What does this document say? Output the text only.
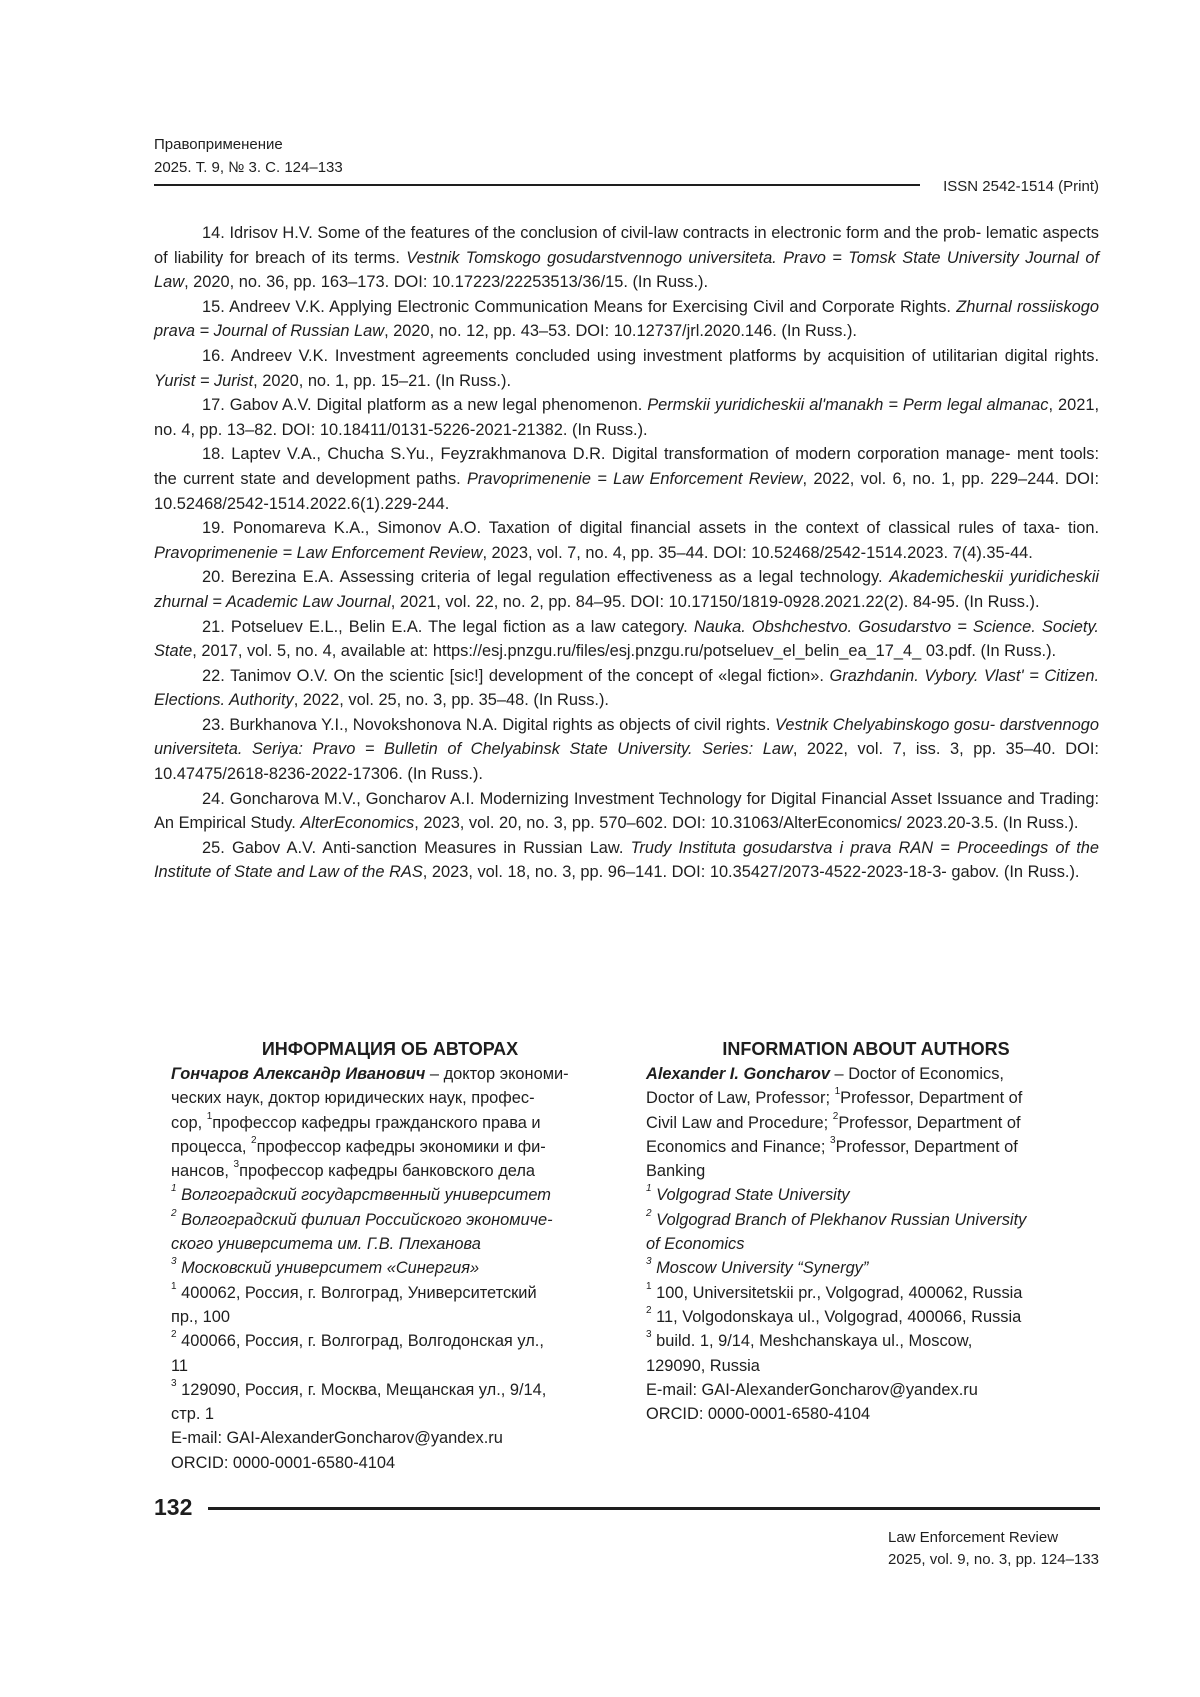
Правоприменение
2025. Т. 9, № 3. С. 124–133
ISSN 2542-1514 (Print)

14. Idrisov H.V. Some of the features of the conclusion of civil-law contracts in electronic form and the prob- lematic aspects of liability for breach of its terms. Vestnik Tomskogo gosudarstvennogo universiteta. Pravo = Tomsk State University Journal of Law, 2020, no. 36, pp. 163–173. DOI: 10.17223/22253513/36/15. (In Russ.).

15. Andreev V.K. Applying Electronic Communication Means for Exercising Civil and Corporate Rights. Zhurnal rossiiskogo prava = Journal of Russian Law, 2020, no. 12, pp. 43–53. DOI: 10.12737/jrl.2020.146. (In Russ.).

16. Andreev V.K. Investment agreements concluded using investment platforms by acquisition of utilitarian digital rights. Yurist = Jurist, 2020, no. 1, pp. 15–21. (In Russ.).

17. Gabov A.V. Digital platform as a new legal phenomenon. Permskii yuridicheskii al'manakh = Perm legal almanac, 2021, no. 4, pp. 13–82. DOI: 10.18411/0131-5226-2021-21382. (In Russ.).

18. Laptev V.A., Chucha S.Yu., Feyzrakhmanova D.R. Digital transformation of modern corporation manage- ment tools: the current state and development paths. Pravoprimenenie = Law Enforcement Review, 2022, vol. 6, no. 1, pp. 229–244. DOI: 10.52468/2542-1514.2022.6(1).229-244.

19. Ponomareva K.A., Simonov A.O. Taxation of digital financial assets in the context of classical rules of taxa- tion. Pravoprimenenie = Law Enforcement Review, 2023, vol. 7, no. 4, pp. 35–44. DOI: 10.52468/2542-1514.2023. 7(4).35-44.

20. Berezina E.A. Assessing criteria of legal regulation effectiveness as a legal technology. Akademicheskii yuridicheskii zhurnal = Academic Law Journal, 2021, vol. 22, no. 2, pp. 84–95. DOI: 10.17150/1819-0928.2021.22(2). 84-95. (In Russ.).

21. Potseluev E.L., Belin E.A. The legal fiction as a law category. Nauka. Obshchestvo. Gosudarstvo = Science. Society. State, 2017, vol. 5, no. 4, available at: https://esj.pnzgu.ru/files/esj.pnzgu.ru/potseluev_el_belin_ea_17_4_ 03.pdf. (In Russ.).

22. Tanimov O.V. On the scientic [sic!] development of the concept of «legal fiction». Grazhdanin. Vybory. Vlast' = Citizen. Elections. Authority, 2022, vol. 25, no. 3, pp. 35–48. (In Russ.).

23. Burkhanova Y.I., Novokshonova N.A. Digital rights as objects of civil rights. Vestnik Chelyabinskogo gosu- darstvennogo universiteta. Seriya: Pravo = Bulletin of Chelyabinsk State University. Series: Law, 2022, vol. 7, iss. 3, pp. 35–40. DOI: 10.47475/2618-8236-2022-17306. (In Russ.).

24. Goncharova M.V., Goncharov A.I. Modernizing Investment Technology for Digital Financial Asset Issuance and Trading: An Empirical Study. AlterEconomics, 2023, vol. 20, no. 3, pp. 570–602. DOI: 10.31063/AlterEconomics/ 2023.20-3.5. (In Russ.).

25. Gabov A.V. Anti-sanction Measures in Russian Law. Trudy Instituta gosudarstva i prava RAN = Proceedings of the Institute of State and Law of the RAS, 2023, vol. 18, no. 3, pp. 96–141. DOI: 10.35427/2073-4522-2023-18-3- gabov. (In Russ.).

ИНФОРМАЦИЯ ОБ АВТОРАХ
Гончаров Александр Иванович – доктор экономи-
ческих наук, доктор юридических наук, профес-
сор, $^1$профессор кафедры гражданского права и
процесса, $^2$профессор кафедры экономики и фи-
нансов, $^3$профессор кафедры банковского дела
$^1$ Волгоградский государственный университет
$^2$ Волгоградский филиал Российского экономиче-
ского университета им. Г.В. Плеханова
$^3$ Московский университет «Синергия»
$^1$ 400062, Россия, г. Волгоград, Университетский
пр., 100
$^2$ 400066, Россия, г. Волгоград, Волгодонская ул.,
11
$^3$ 129090, Россия, г. Москва, Мещанская ул., 9/14,
стр. 1
E-mail: GAI-AlexanderGoncharov@yandex.ru
ORCID: 0000-0001-6580-4104
INFORMATION ABOUT AUTHORS
Alexander I. Goncharov – Doctor of Economics,
Doctor of Law, Professor; $^1$Professor, Department of
Civil Law and Procedure; $^2$Professor, Department of
Economics and Finance; $^3$Professor, Department of
Banking
$^1$ Volgograd State University
$^2$ Volgograd Branch of Plekhanov Russian University
of Economics
$^3$ Moscow University “Synergy”
$^1$ 100, Universitetskii pr., Volgograd, 400062, Russia
$^2$ 11, Volgodonskaya ul., Volgograd, 400066, Russia
$^3$ build. 1, 9/14, Meshchanskaya ul., Moscow,
129090, Russia
E-mail: GAI-AlexanderGoncharov@yandex.ru
ORCID: 0000-0001-6580-4104
132
Law Enforcement Review
2025, vol. 9, no. 3, pp. 124–133
